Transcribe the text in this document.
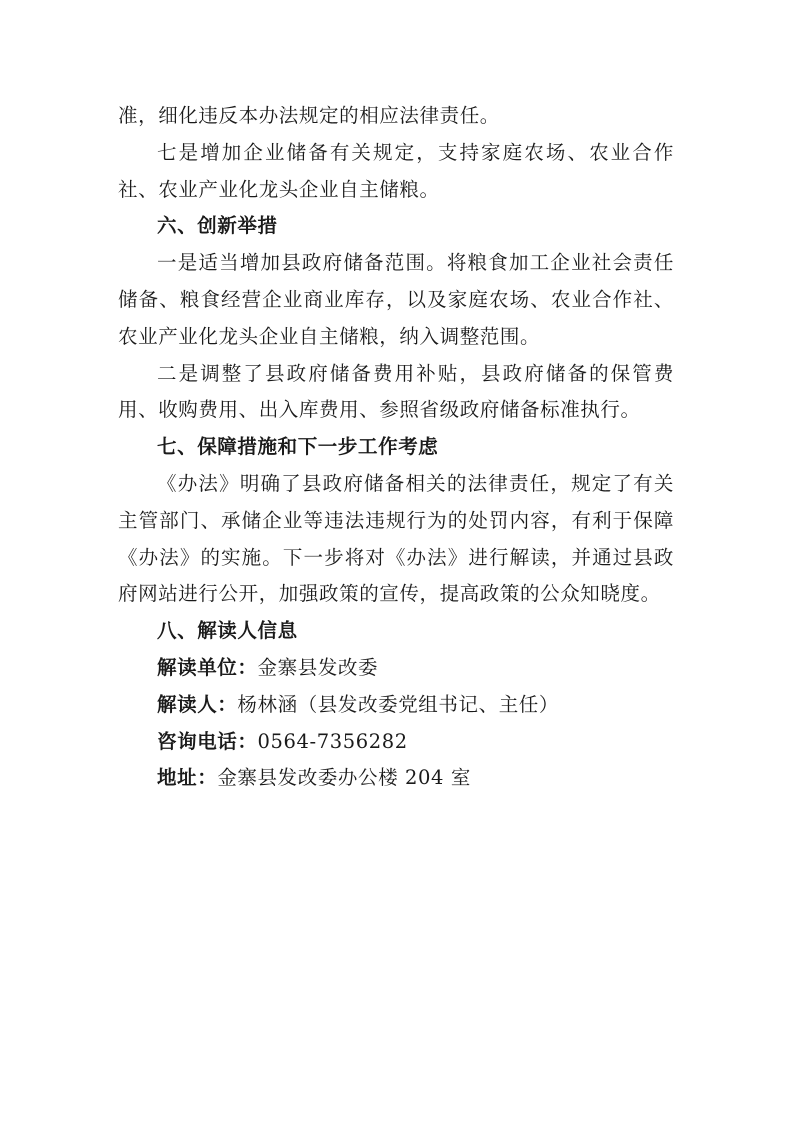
准，细化违反本办法规定的相应法律责任。

七是增加企业储备有关规定，支持家庭农场、农业合作社、农业产业化龙头企业自主储粮。

六、创新举措

一是适当增加县政府储备范围。将粮食加工企业社会责任储备、粮食经营企业商业库存，以及家庭农场、农业合作社、农业产业化龙头企业自主储粮，纳入调整范围。

二是调整了县政府储备费用补贴，县政府储备的保管费用、收购费用、出入库费用、参照省级政府储备标准执行。

七、保障措施和下一步工作考虑

《办法》明确了县政府储备相关的法律责任，规定了有关主管部门、承储企业等违法违规行为的处罚内容，有利于保障《办法》的实施。下一步将对《办法》进行解读，并通过县政府网站进行公开，加强政策的宣传，提高政策的公众知晓度。

八、解读人信息

解读单位：金寨县发改委

解读人：杨林涵（县发改委党组书记、主任）

咨询电话：0564-7356282

地址：金寨县发改委办公楼 204 室
